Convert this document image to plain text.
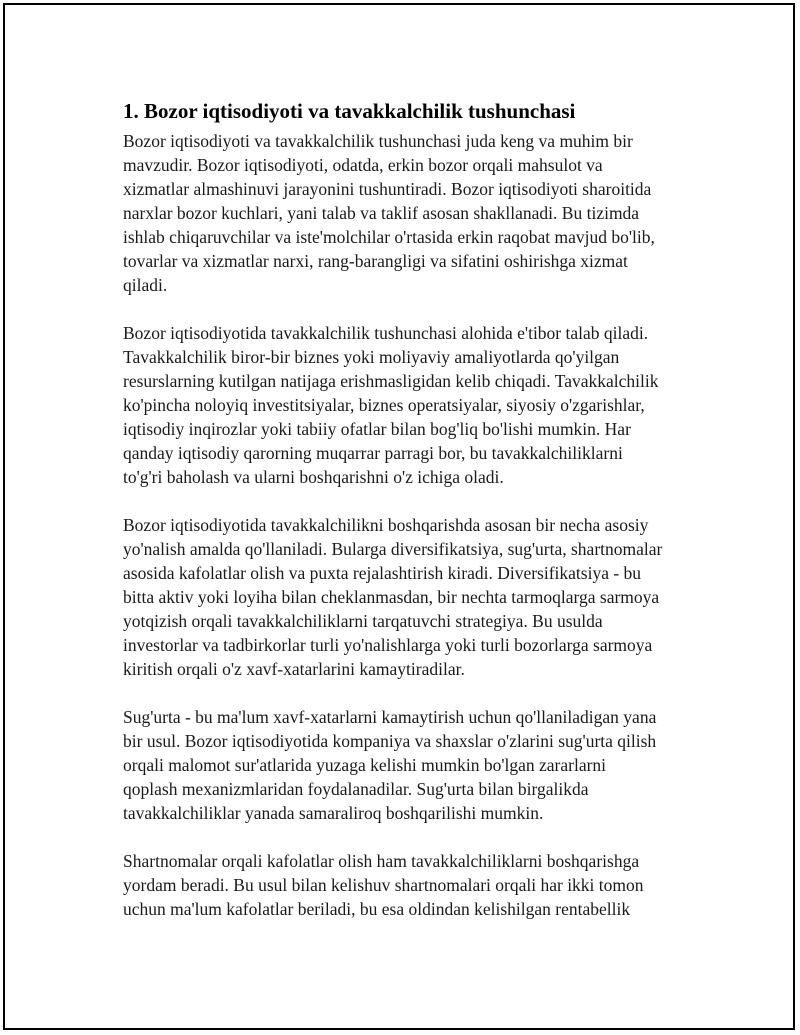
1. Bozor iqtisodiyoti va tavakkalchilik tushunchasi

Bozor iqtisodiyoti va tavakkalchilik tushunchasi juda keng va muhim bir
mavzudir. Bozor iqtisodiyoti, odatda, erkin bozor orqali mahsulot va
xizmatlar almashinuvi jarayonini tushuntiradi. Bozor iqtisodiyoti sharoitida
narxlar bozor kuchlari, yani talab va taklif asosan shakllanadi. Bu tizimda
ishlab chiqaruvchilar va iste'molchilar o'rtasida erkin raqobat mavjud bo'lib,
tovarlar va xizmatlar narxi, rang-barangligi va sifatini oshirishga xizmat
qiladi.

Bozor iqtisodiyotida tavakkalchilik tushunchasi alohida e'tibor talab qiladi.
Tavakkalchilik biror-bir biznes yoki moliyaviy amaliyotlarda qo'yilgan
resurslarning kutilgan natijaga erishmasligidan kelib chiqadi. Tavakkalchilik
ko'pincha noloyiq investitsiyalar, biznes operatsiyalar, siyosiy o'zgarishlar,
iqtisodiy inqirozlar yoki tabiiy ofatlar bilan bog'liq bo'lishi mumkin. Har
qanday iqtisodiy qarorning muqarrar parragi bor, bu tavakkalchiliklarni
to'g'ri baholash va ularni boshqarishni o'z ichiga oladi.

Bozor iqtisodiyotida tavakkalchilikni boshqarishda asosan bir necha asosiy
yo'nalish amalda qo'llaniladi. Bularga diversifikatsiya, sug'urta, shartnomalar
asosida kafolatlar olish va puxta rejalashtirish kiradi. Diversifikatsiya - bu
bitta aktiv yoki loyiha bilan cheklanmasdan, bir nechta tarmoqlarga sarmoya
yotqizish orqali tavakkalchiliklarni tarqatuvchi strategiya. Bu usulda
investorlar va tadbirkorlar turli yo'nalishlarga yoki turli bozorlarga sarmoya
kiritish orqali o'z xavf-xatarlarini kamaytiradilar.

Sug'urta - bu ma'lum xavf-xatarlarni kamaytirish uchun qo'llaniladigan yana
bir usul. Bozor iqtisodiyotida kompaniya va shaxslar o'zlarini sug'urta qilish
orqali malomot sur'atlarida yuzaga kelishi mumkin bo'lgan zararlarni
qoplash mexanizmlaridan foydalanadilar. Sug'urta bilan birgalikda
tavakkalchiliklar yanada samaraliroq boshqarilishi mumkin.

Shartnomalar orqali kafolatlar olish ham tavakkalchiliklarni boshqarishga
yordam beradi. Bu usul bilan kelishuv shartnomalari orqali har ikki tomon
uchun ma'lum kafolatlar beriladi, bu esa oldindan kelishilgan rentabellik
